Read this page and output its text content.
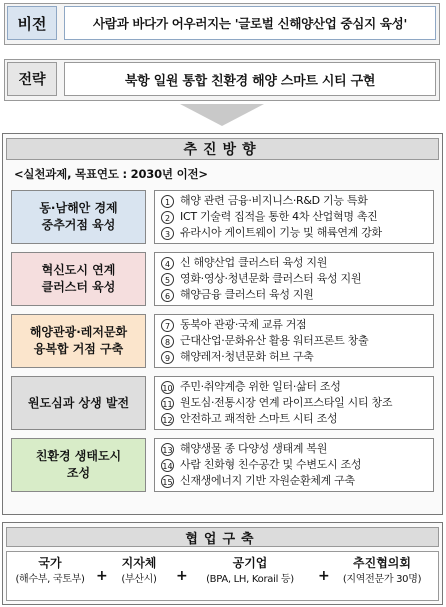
비전	사람과 바다가 어우러지는 '글로벌 신해양산업 중심지 육성'
전략	북항 일원 통합 친환경 해양 스마트 시티 구현
추진방향
<실천과제, 목표연도 : 2030년 이전>
동·남해안 경제
중추거점 육성
1 해양 관련 금융·비지니스·R&D 기능 특화
2 ICT 기술력 집적을 통한 4차 산업혁명 촉진
3 유라시아 게이트웨이 기능 및 해륙연계 강화
혁신도시 연계
클러스터 육성
4 신 해양산업 클러스터 육성 지원
5 영화·영상·청년문화 클러스터 육성 지원
6 해양금융 클러스터 육성 지원
해양관광·레저문화
융복합 거점 구축
7 동북아 관광·국제 교류 거점
8 근대산업·문화유산 활용 워터프론트 창출
9 해양레저·청년문화 허브 구축
원도심과 상생 발전
10 주민·취약계층 위한 일터·삶터 조성
11 원도심·전통시장 연계 라이프스타일 시티 창조
12 안전하고 쾌적한 스마트 시티 조성
친환경 생태도시
조성
13 해양생물 종 다양성 생태계 복원
14 사람 친화형 친수공간 및 수변도시 조성
15 신재생에너지 기반 자원순환체계 구축
협업구축
국가
(해수부, 국토부) +
지자체
(부산시)	+
공기업
(BPA, LH, Korail 등)	+
추진협의회
(지역전문가 30명)
